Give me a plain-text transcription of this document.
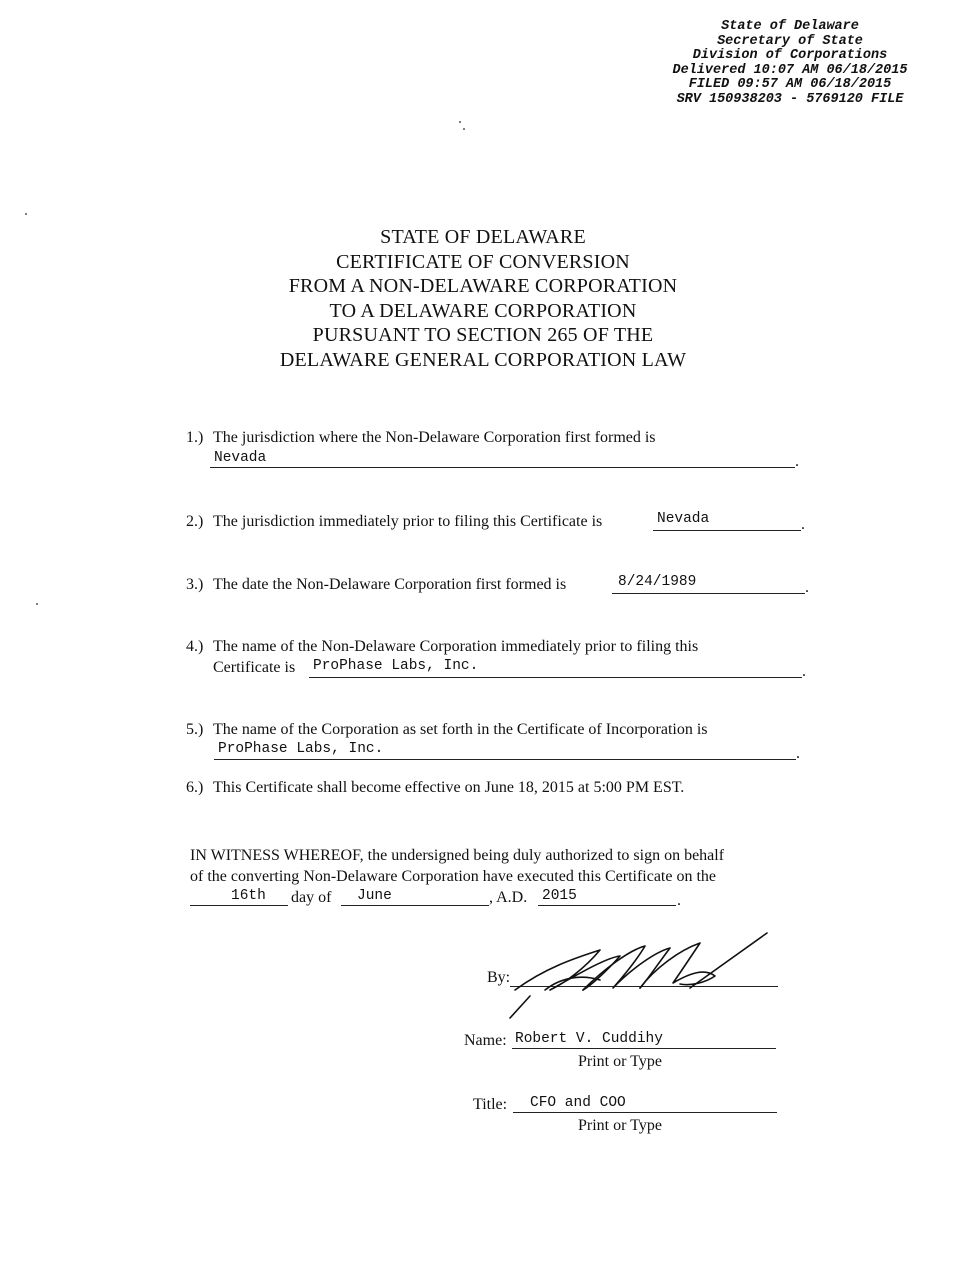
State of Delaware
Secretary of State
Division of Corporations
Delivered 10:07 AM 06/18/2015
FILED 09:57 AM 06/18/2015
SRV 150938203 - 5769120 FILE
STATE OF DELAWARE
CERTIFICATE OF CONVERSION
FROM A NON-DELAWARE CORPORATION
TO A DELAWARE CORPORATION
PURSUANT TO SECTION 265 OF THE
DELAWARE GENERAL CORPORATION LAW
1.) The jurisdiction where the Non-Delaware Corporation first formed is
Nevada	.
2.) The jurisdiction immediately prior to filing this Certificate is	Nevada	.
3.) The date the Non-Delaware Corporation first formed is	8/24/1989	.
4.) The name of the Non-Delaware Corporation immediately prior to filing this
Certificate is ProPhase Labs, Inc.	.
5.) The name of the Corporation as set forth in the Certificate of Incorporation is
ProPhase Labs, Inc.	.
6.) This Certificate shall become effective on June 18, 2015 at 5:00 PM EST.
IN WITNESS WHEREOF, the undersigned being duly authorized to sign on behalf
of the converting Non-Delaware Corporation have executed this Certificate on the
16th day of June	, A.D. 2015	.
By:
Name: Robert V. Cuddihy
Print or Type
Title: CFO and COO
Print or Type
